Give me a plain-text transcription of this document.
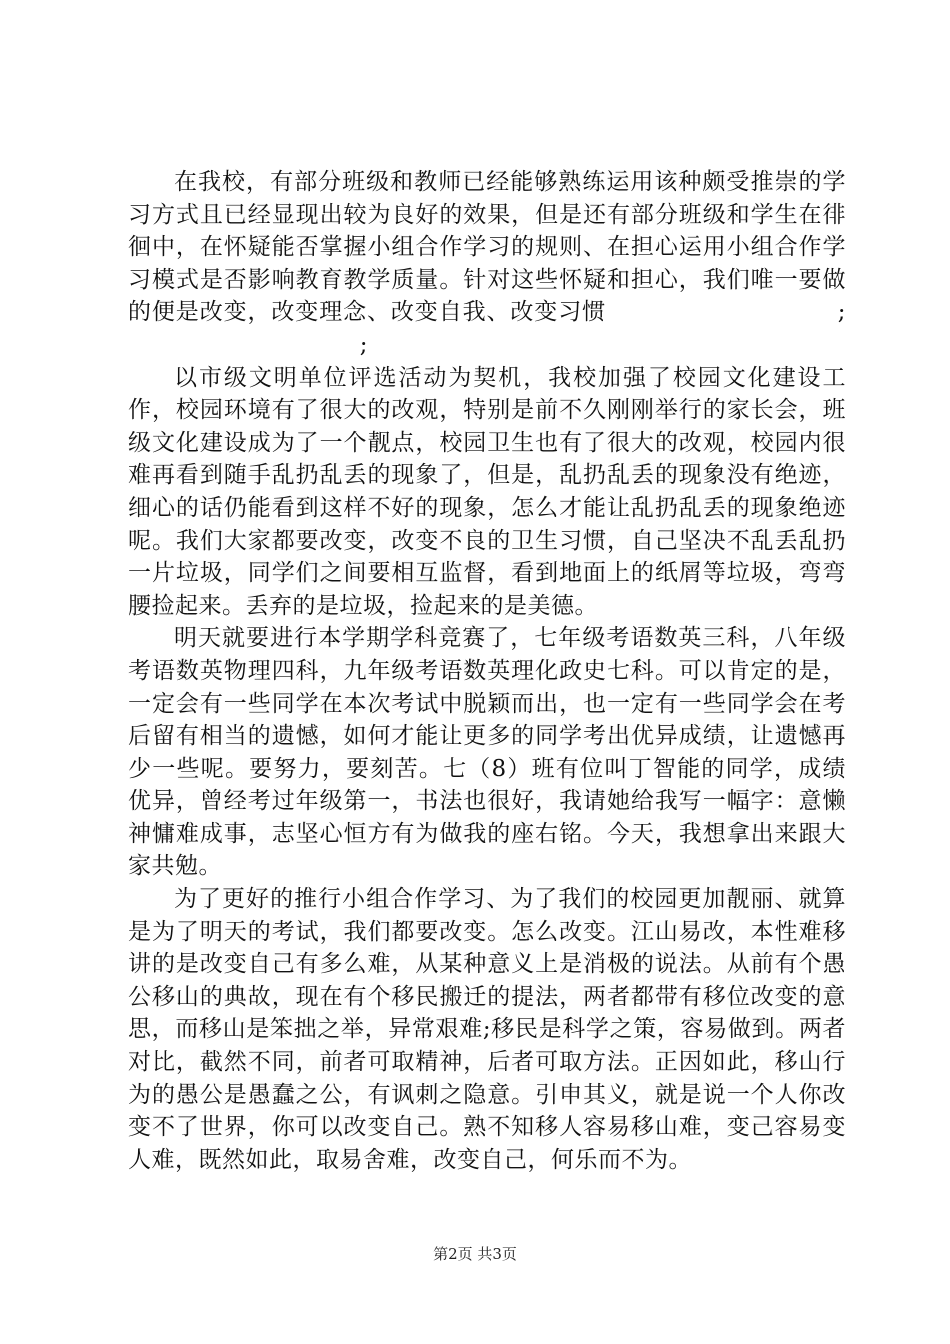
在我校，有部分班级和教师已经能够熟练运用该种颇受推崇的学习方式且已经显现出较为良好的效果，但是还有部分班级和学生在徘徊中，在怀疑能否掌握小组合作学习的规则、在担心运用小组合作学习模式是否影响教育教学质量。针对这些怀疑和担心，我们唯一要做的便是改变，改变理念、改变自我、改变习惯	;;

以市级文明单位评选活动为契机，我校加强了校园文化建设工作，校园环境有了很大的改观，特别是前不久刚刚举行的家长会，班级文化建设成为了一个靓点，校园卫生也有了很大的改观，校园内很难再看到随手乱扔乱丢的现象了，但是，乱扔乱丢的现象没有绝迹，细心的话仍能看到这样不好的现象，怎么才能让乱扔乱丢的现象绝迹呢。我们大家都要改变，改变不良的卫生习惯，自己坚决不乱丢乱扔一片垃圾，同学们之间要相互监督，看到地面上的纸屑等垃圾，弯弯腰捡起来。丢弃的是垃圾，捡起来的是美德。

明天就要进行本学期学科竞赛了，七年级考语数英三科，八年级考语数英物理四科，九年级考语数英理化政史七科。可以肯定的是，一定会有一些同学在本次考试中脱颖而出，也一定有一些同学会在考后留有相当的遗憾，如何才能让更多的同学考出优异成绩，让遗憾再少一些呢。要努力，要刻苦。七（8）班有位叫丁智能的同学，成绩优异，曾经考过年级第一，书法也很好，我请她给我写一幅字：意懒神慵难成事，志坚心恒方有为做我的座右铭。今天，我想拿出来跟大家共勉。

为了更好的推行小组合作学习、为了我们的校园更加靓丽、就算是为了明天的考试，我们都要改变。怎么改变。江山易改，本性难移讲的是改变自己有多么难，从某种意义上是消极的说法。从前有个愚公移山的典故，现在有个移民搬迁的提法，两者都带有移位改变的意思，而移山是笨拙之举，异常艰难;移民是科学之策，容易做到。两者对比，截然不同，前者可取精神，后者可取方法。正因如此，移山行为的愚公是愚蠢之公，有讽刺之隐意。引申其义，就是说一个人你改变不了世界，你可以改变自己。熟不知移人容易移山难，变己容易变人难，既然如此，取易舍难，改变自己，何乐而不为。

第2页 共3页
